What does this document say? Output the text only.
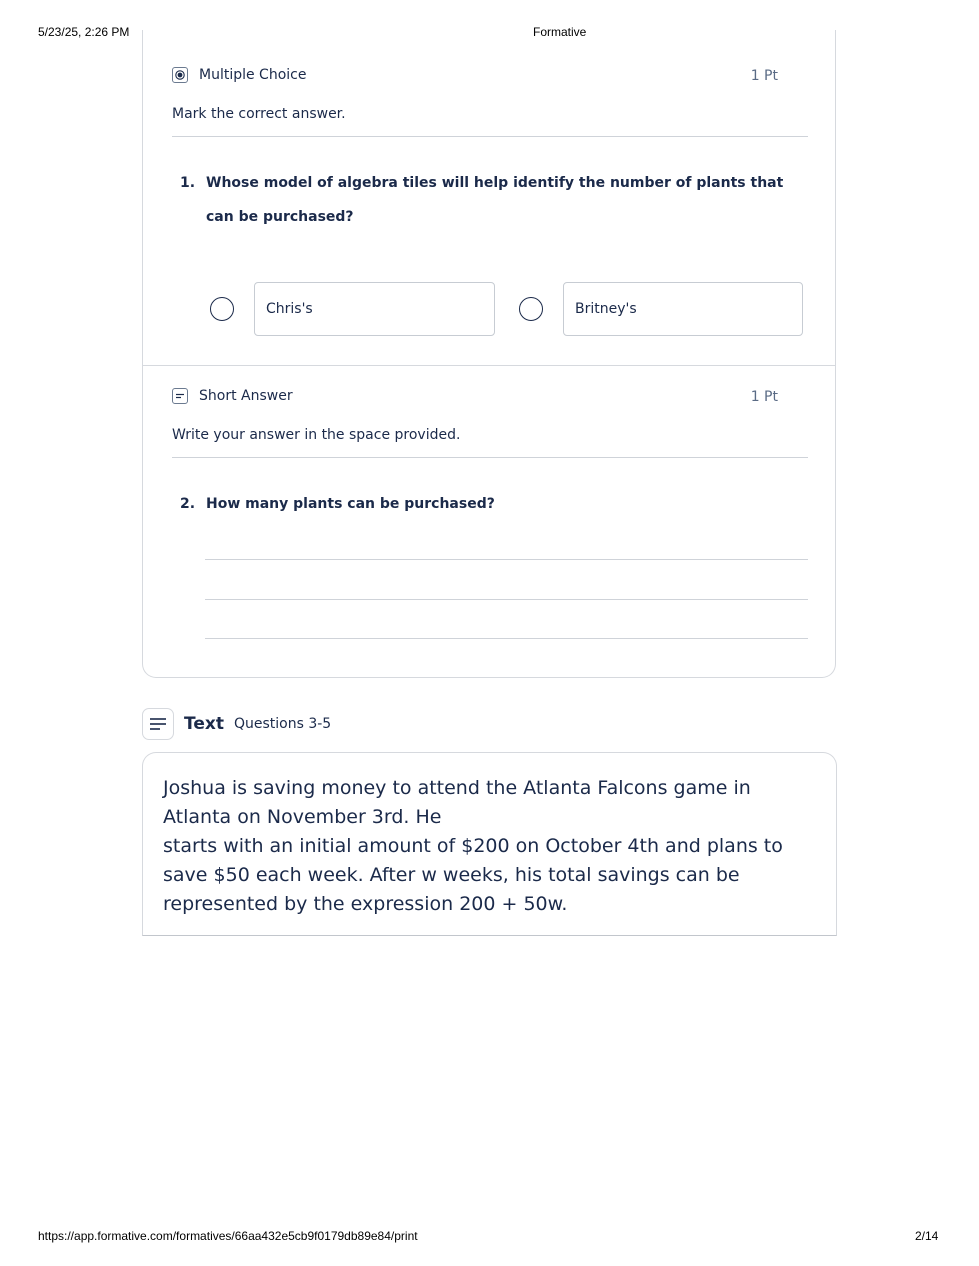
5/23/25, 2:26 PM	Formative
Multiple Choice	1 Pt
Mark the correct answer.
1. Whose model of algebra tiles will help identify the number of plants that can be purchased?
Chris's	Britney's
Short Answer	1 Pt
Write your answer in the space provided.
2. How many plants can be purchased?
Text Questions 3-5
Joshua is saving money to attend the Atlanta Falcons game in Atlanta on November 3rd. He
starts with an initial amount of $200 on October 4th and plans to save $50 each week. After w weeks, his total savings can be represented by the expression 200 + 50w.
https://app.formative.com/formatives/66aa432e5cb9f0179db89e84/print	2/14
